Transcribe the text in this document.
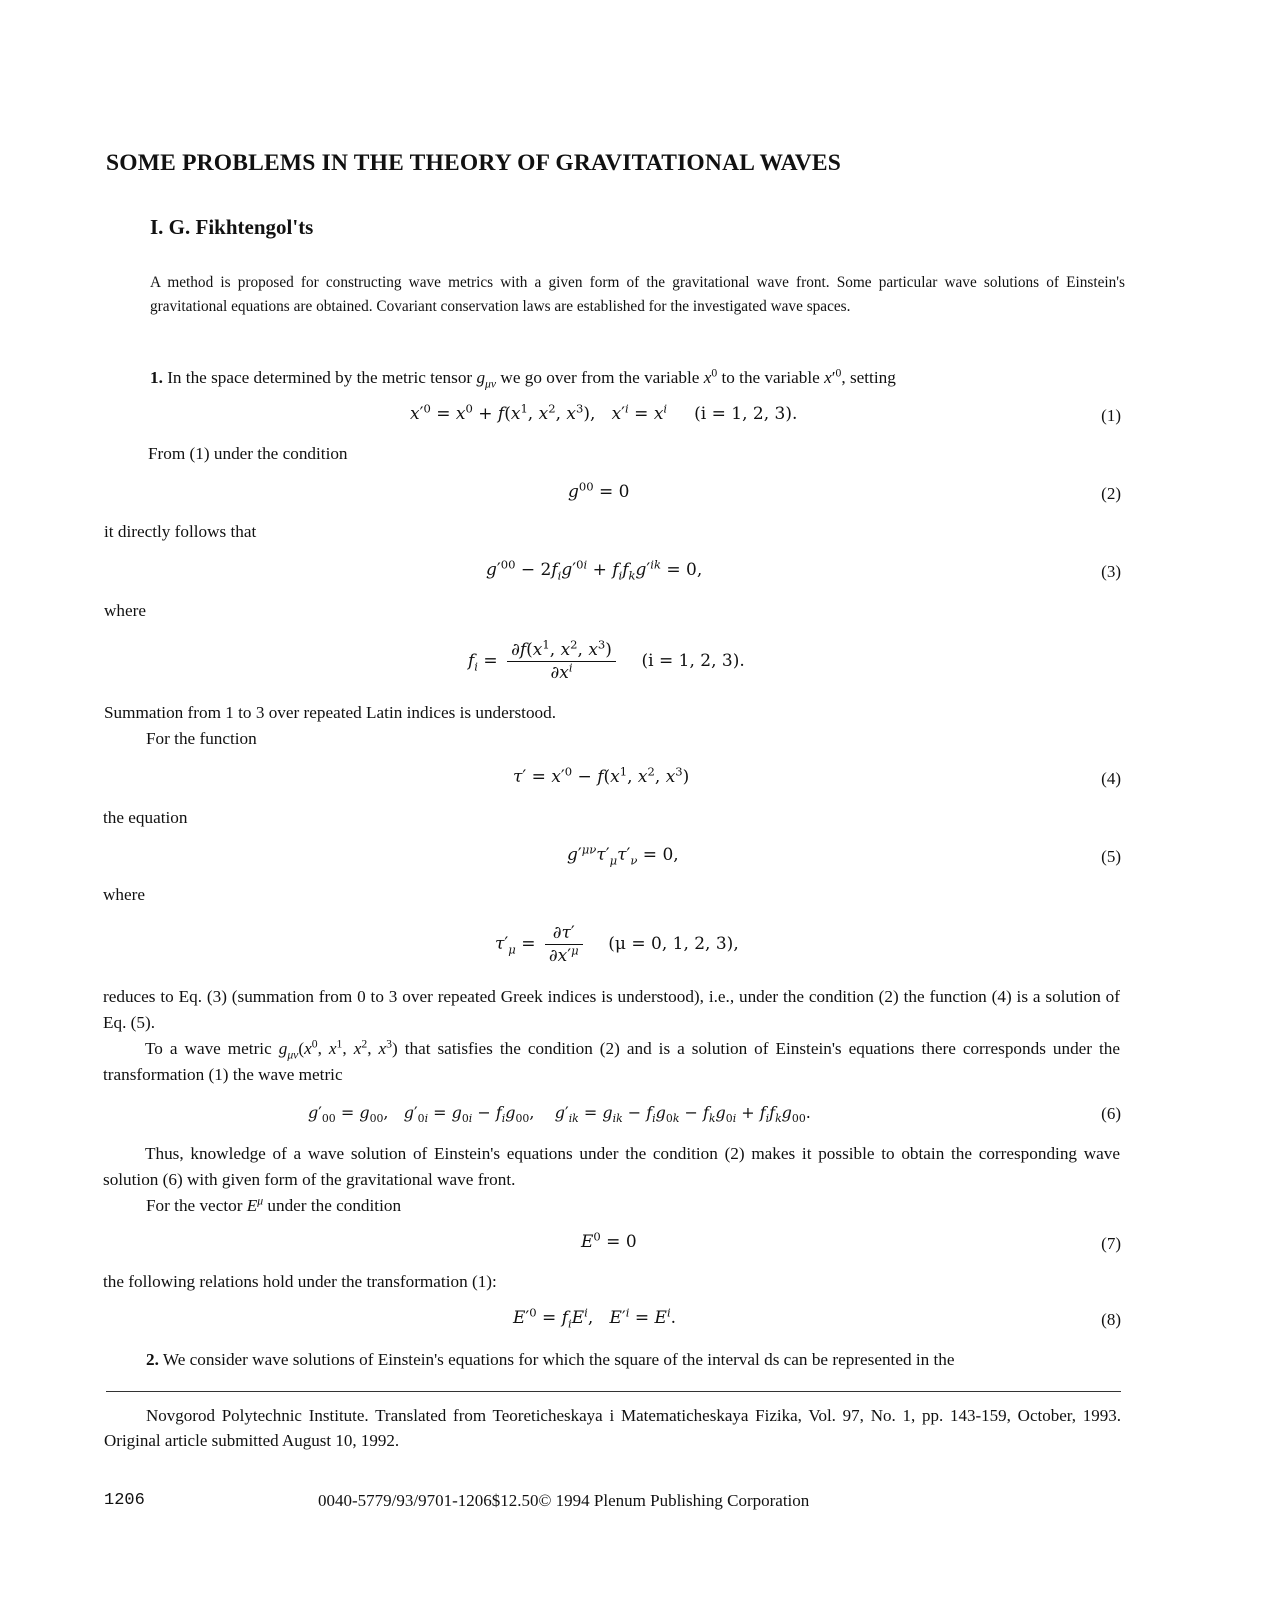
SOME PROBLEMS IN THE THEORY OF GRAVITATIONAL WAVES
I. G. Fikhtengol'ts
A method is proposed for constructing wave metrics with a given form of the gravitational wave front. Some particular wave solutions of Einstein's gravitational equations are obtained. Covariant conservation laws are established for the investigated wave spaces.
1. In the space determined by the metric tensor $g_{\mu\nu}$ we go over from the variable $x^0$ to the variable $x'^0$, setting
$x'^0 = x^0 + f(x^1$, $x^2$, $x^3$),   $x'^i = x^i$ (i = 1, 2, 3).	(1)
From (1) under the condition
$g^{00} = 0$	(2)
it directly follows that
$g'^{00} - 2f_ig'^{0i} + f_if_kg'^{ik} = 0$,	(3)
where
$f_i = \frac{\partial f(x^1, x^2, x^3)}{\partial x^i} (i = 1$, 2, 3).
Summation from 1 to 3 over repeated Latin indices is understood.
For the function
$\tau' = x'^0 - f(x^1$, $x^2$, $x^3$)	(4)
the equation
$g'^{\mu\nu}\tau'_\mu\tau'_\nu = 0$,	(5)
where
$\tau'_\mu = \frac{\partial\tau'}{\partial x'^\mu} (\mu = 0$, 1, 2, 3),
reduces to Eq. (3) (summation from 0 to 3 over repeated Greek indices is understood), i.e., under the condition (2) the function (4) is a solution of Eq. (5).
To a wave metric $g_{\mu\nu}(x^0$, $x^1$, $x^2$, $x^3$) that satisfies the condition (2) and is a solution of Einstein's equations there corresponds under the transformation (1) the wave metric
$g'_{00} = g_{00}$,   $g'_{0i} = g_{0i} - f_ig_{00}$,    $g'_{ik} = g_{ik} - f_ig_{0k} - f_kg_{0i} + f_if_kg_{00}$.	(6)
Thus, knowledge of a wave solution of Einstein's equations under the condition (2) makes it possible to obtain the corresponding wave solution (6) with given form of the gravitational wave front.
For the vector $E^\mu$ under the condition
$E^0 = 0$	(7)
the following relations hold under the transformation (1):
$E'^0 = f_iE^i$,   $E'^i = E^i$.	(8)
2. We consider wave solutions of Einstein's equations for which the square of the interval ds can be represented in the
Novgorod Polytechnic Institute. Translated from Teoreticheskaya i Matematicheskaya Fizika, Vol. 97, No. 1, pp. 143-159, October, 1993. Original article submitted August 10, 1992.
1206	0040-5779/93/9701-1206$12.50© 1994 Plenum Publishing Corporation
